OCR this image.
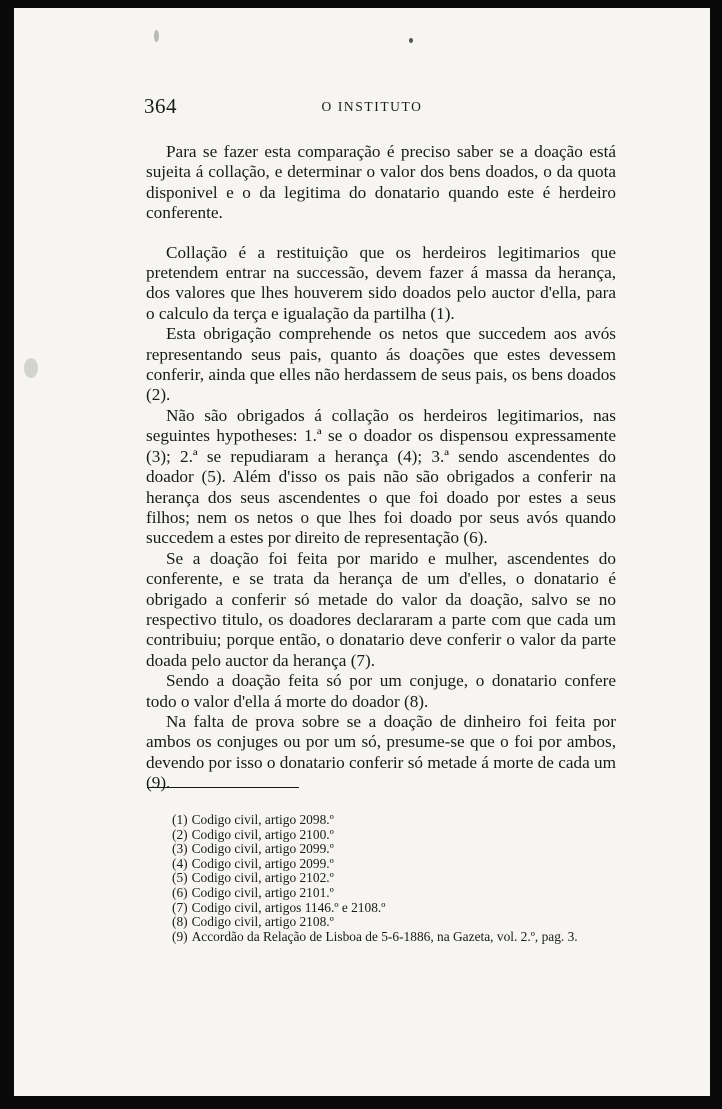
364	O INSTITUTO

Para se fazer esta comparação é preciso saber se a doação está sujeita á collação, e determinar o valor dos bens doados, o da quota disponivel e o da legitima do donatario quando este é herdeiro conferente.

Collação é a restituição que os herdeiros legitimarios que pretendem entrar na successão, devem fazer á massa da herança, dos valores que lhes houverem sido doados pelo auctor d'ella, para o calculo da terça e igualação da partilha (1).

Esta obrigação comprehende os netos que succedem aos avós representando seus pais, quanto ás doações que estes devessem conferir, ainda que elles não herdassem de seus pais, os bens doados (2).

Não são obrigados á collação os herdeiros legitimarios, nas seguintes hypotheses: 1.ª se o doador os dispensou expressamente (3); 2.ª se repudiaram a herança (4); 3.ª sendo ascendentes do doador (5). Além d'isso os pais não são obrigados a conferir na herança dos seus ascendentes o que foi doado por estes a seus filhos; nem os netos o que lhes foi doado por seus avós quando succedem a estes por direito de representação (6).

Se a doação foi feita por marido e mulher, ascendentes do conferente, e se trata da herança de um d'elles, o donatario é obrigado a conferir só metade do valor da doação, salvo se no respectivo titulo, os doadores declararam a parte com que cada um contribuiu; porque então, o donatario deve conferir o valor da parte doada pelo auctor da herança (7).

Sendo a doação feita só por um conjuge, o donatario confere todo o valor d'ella á morte do doador (8).

Na falta de prova sobre se a doação de dinheiro foi feita por ambos os conjuges ou por um só, presume-se que o foi por ambos, devendo por isso o donatario conferir só metade á morte de cada um (9).

(1) Codigo civil, artigo 2098.º
(2) Codigo civil, artigo 2100.º
(3) Codigo civil, artigo 2099.º
(4) Codigo civil, artigo 2099.º
(5) Codigo civil, artigo 2102.º
(6) Codigo civil, artigo 2101.º
(7) Codigo civil, artigos 1146.º e 2108.º
(8) Codigo civil, artigo 2108.º
(9) Accordão da Relação de Lisboa de 5-6-1886, na Gazeta, vol. 2.º, pag. 3.
